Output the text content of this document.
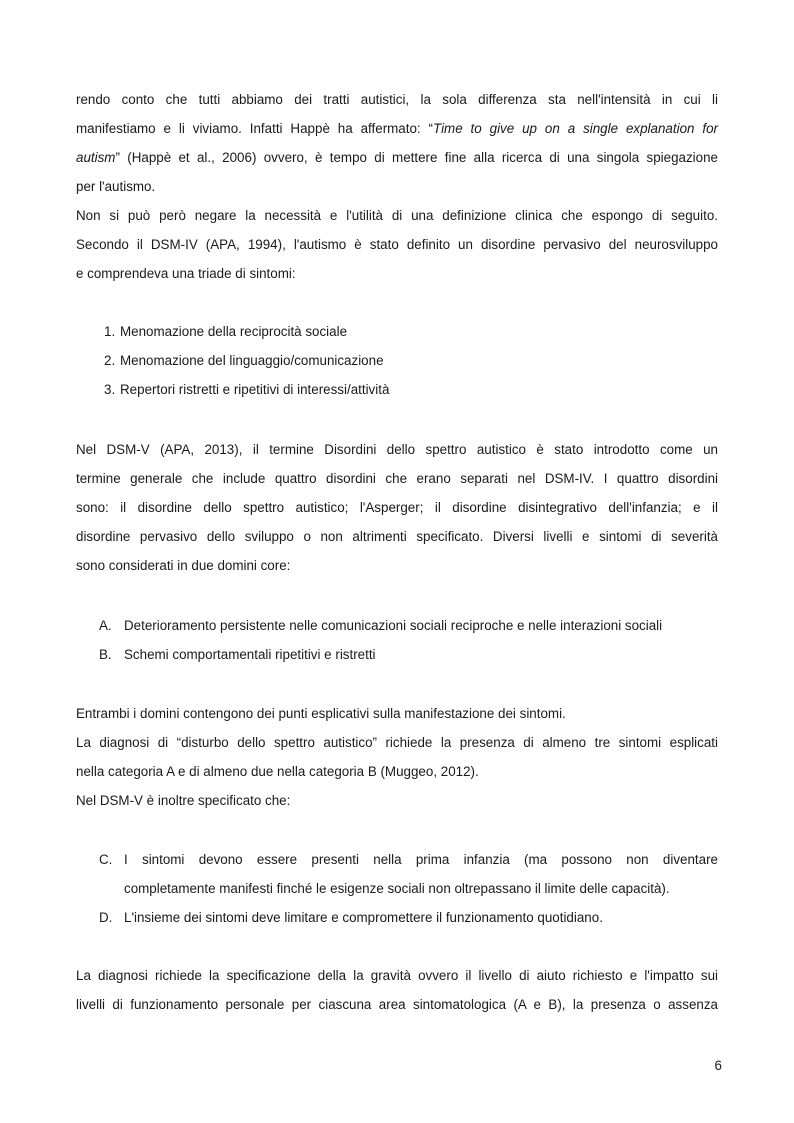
rendo conto che tutti abbiamo dei tratti autistici, la sola differenza sta nell'intensità in cui li

manifestiamo e li viviamo. Infatti Happè ha affermato: “Time to give up on a single explanation for

autism” (Happè et al., 2006) ovvero, è tempo di mettere fine alla ricerca di una singola spiegazione

per l'autismo.

Non si può però negare la necessità e l'utilità di una definizione clinica che espongo di seguito.

Secondo il DSM-IV (APA, 1994), l'autismo è stato definito un disordine pervasivo del neurosviluppo

e comprendeva una triade di sintomi:

1. Menomazione della reciprocità sociale
2. Menomazione del linguaggio/comunicazione
3. Repertori ristretti e ripetitivi di interessi/attività

Nel DSM-V (APA, 2013), il termine Disordini dello spettro autistico è stato introdotto come un

termine generale che include quattro disordini che erano separati nel DSM-IV. I quattro disordini

sono: il disordine dello spettro autistico; l'Asperger; il disordine disintegrativo dell'infanzia; e il

disordine pervasivo dello sviluppo o non altrimenti specificato. Diversi livelli e sintomi di severità

sono considerati in due domini core:

A. Deterioramento persistente nelle comunicazioni sociali reciproche e nelle interazioni sociali
B. Schemi comportamentali ripetitivi e ristretti

Entrambi i domini contengono dei punti esplicativi sulla manifestazione dei sintomi.

La diagnosi di “disturbo dello spettro autistico” richiede la presenza di almeno tre sintomi esplicati

nella categoria A e di almeno due nella categoria B (Muggeo, 2012).

Nel DSM-V è inoltre specificato che:

C. I sintomi devono essere presenti nella prima infanzia (ma possono non diventare

completamente manifesti finché le esigenze sociali non oltrepassano il limite delle capacità).

D. L'insieme dei sintomi deve limitare e compromettere il funzionamento quotidiano.

La diagnosi richiede la specificazione della la gravità ovvero il livello di aiuto richiesto e l'impatto sui

livelli di funzionamento personale per ciascuna area sintomatologica (A e B), la presenza o assenza

6
